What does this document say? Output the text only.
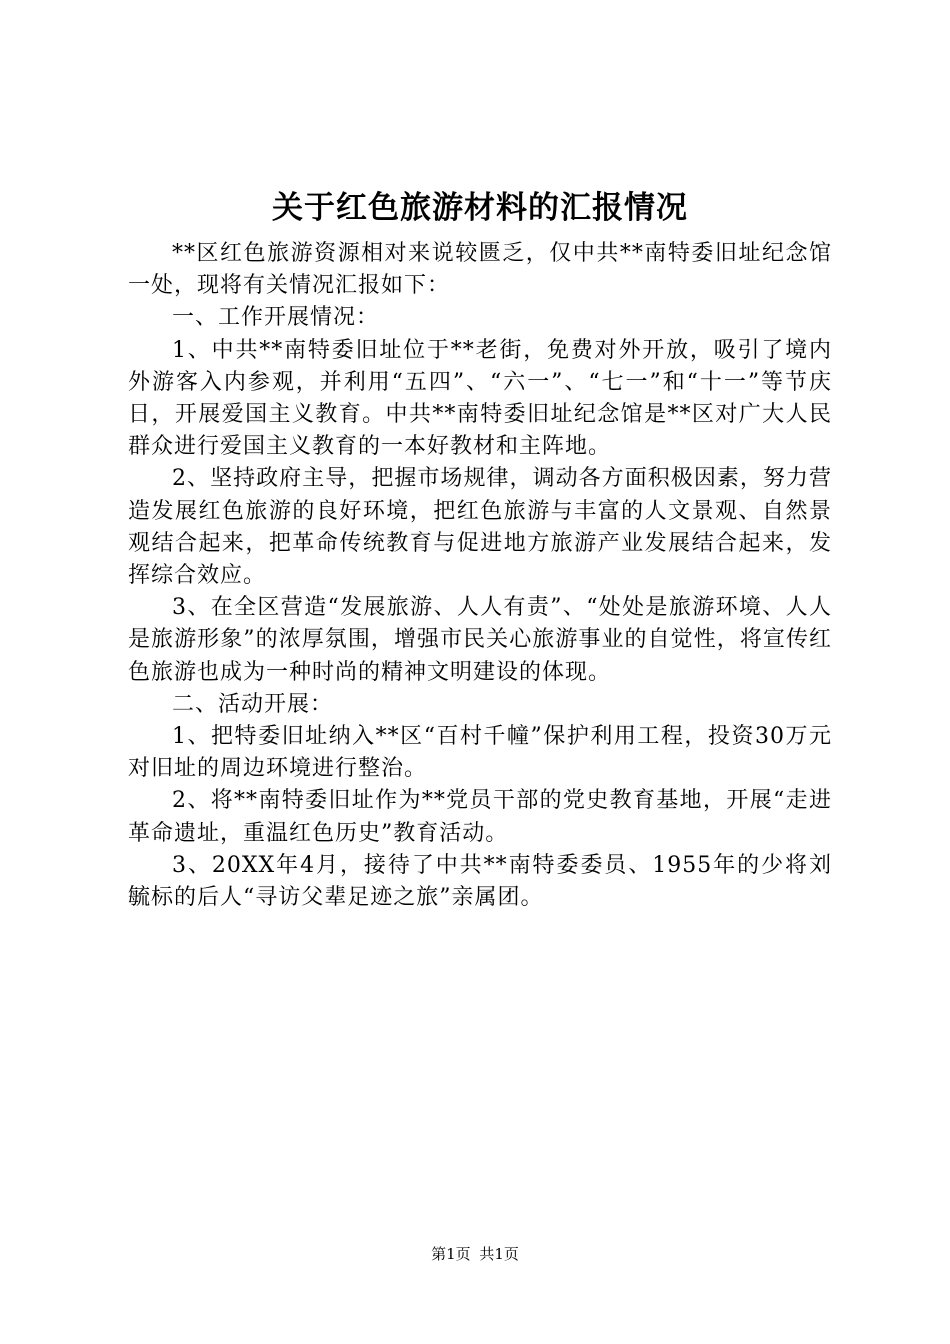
关于红色旅游材料的汇报情况

**区红色旅游资源相对来说较匮乏，仅中共**南特委旧址纪念馆一处，现将有关情况汇报如下：

一、工作开展情况：

1、中共**南特委旧址位于**老街，免费对外开放，吸引了境内外游客入内参观，并利用“五四”、“六一”、“七一”和“十一”等节庆日，开展爱国主义教育。中共**南特委旧址纪念馆是**区对广大人民群众进行爱国主义教育的一本好教材和主阵地。

2、坚持政府主导，把握市场规律，调动各方面积极因素，努力营造发展红色旅游的良好环境，把红色旅游与丰富的人文景观、自然景观结合起来，把革命传统教育与促进地方旅游产业发展结合起来，发挥综合效应。

3、在全区营造“发展旅游、人人有责”、“处处是旅游环境、人人是旅游形象”的浓厚氛围，增强市民关心旅游事业的自觉性，将宣传红色旅游也成为一种时尚的精神文明建设的体现。

二、活动开展：

1、把特委旧址纳入**区“百村千幢”保护利用工程，投资30万元对旧址的周边环境进行整治。

2、将**南特委旧址作为**党员干部的党史教育基地，开展“走进革命遗址，重温红色历史”教育活动。

3、20XX年4月，接待了中共**南特委委员、1955年的少将刘毓标的后人“寻访父辈足迹之旅”亲属团。

第1页 共1页
